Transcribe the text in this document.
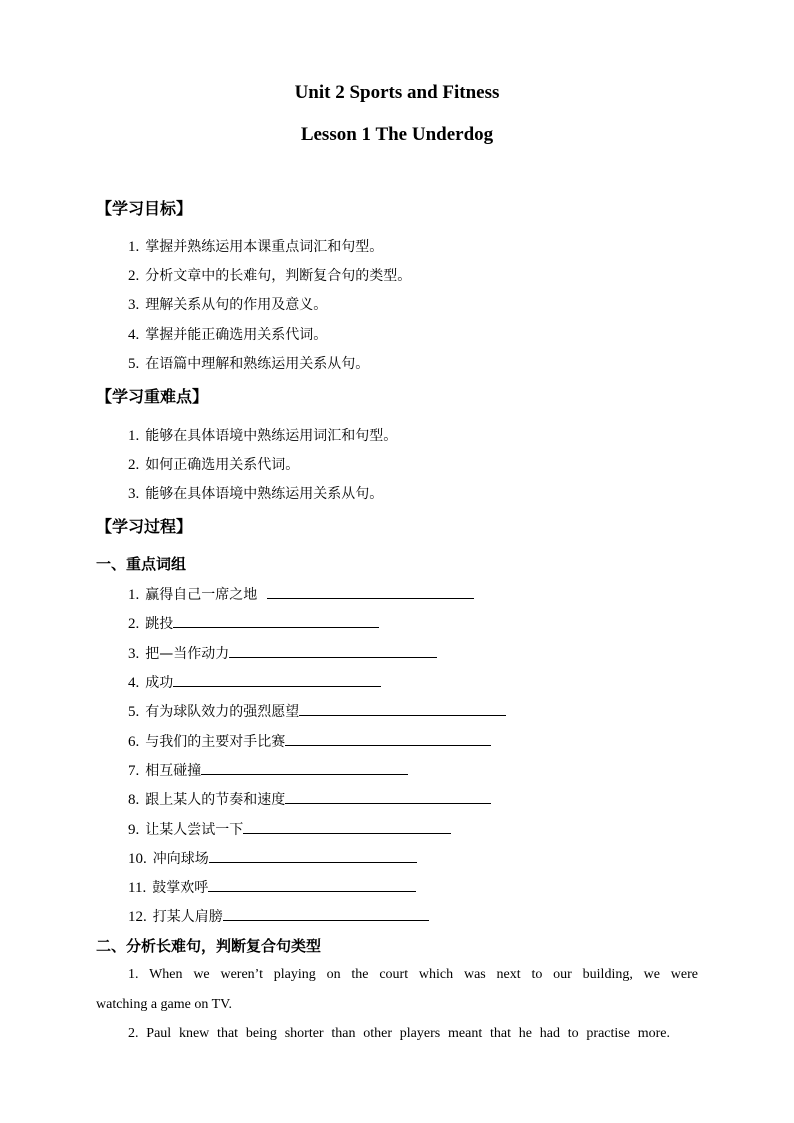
Unit 2 Sports and Fitness
Lesson 1 The Underdog
【学习目标】
1. 掌握并熟练运用本课重点词汇和句型。
2. 分析文章中的长难句，判断复合句的类型。
3. 理解关系从句的作用及意义。
4. 掌握并能正确选用关系代词。
5. 在语篇中理解和熟练运用关系从句。
【学习重难点】
1. 能够在具体语境中熟练运用词汇和句型。
2. 如何正确选用关系代词。
3. 能够在具体语境中熟练运用关系从句。
【学习过程】
一、重点词组
1. 赢得自己一席之地
2. 跳投
3. 把—当作动力
4. 成功
5. 有为球队效力的强烈愿望
6. 与我们的主要对手比赛
7. 相互碰撞
8. 跟上某人的节奏和速度
9. 让某人尝试一下
10. 冲向球场
11. 鼓掌欢呼
12. 打某人肩膀
二、分析长难句，判断复合句类型
1. When we weren’t playing on the court which was next to our building, we were
watching a game on TV.
2. Paul knew that being shorter than other players meant that he had to practise more.
